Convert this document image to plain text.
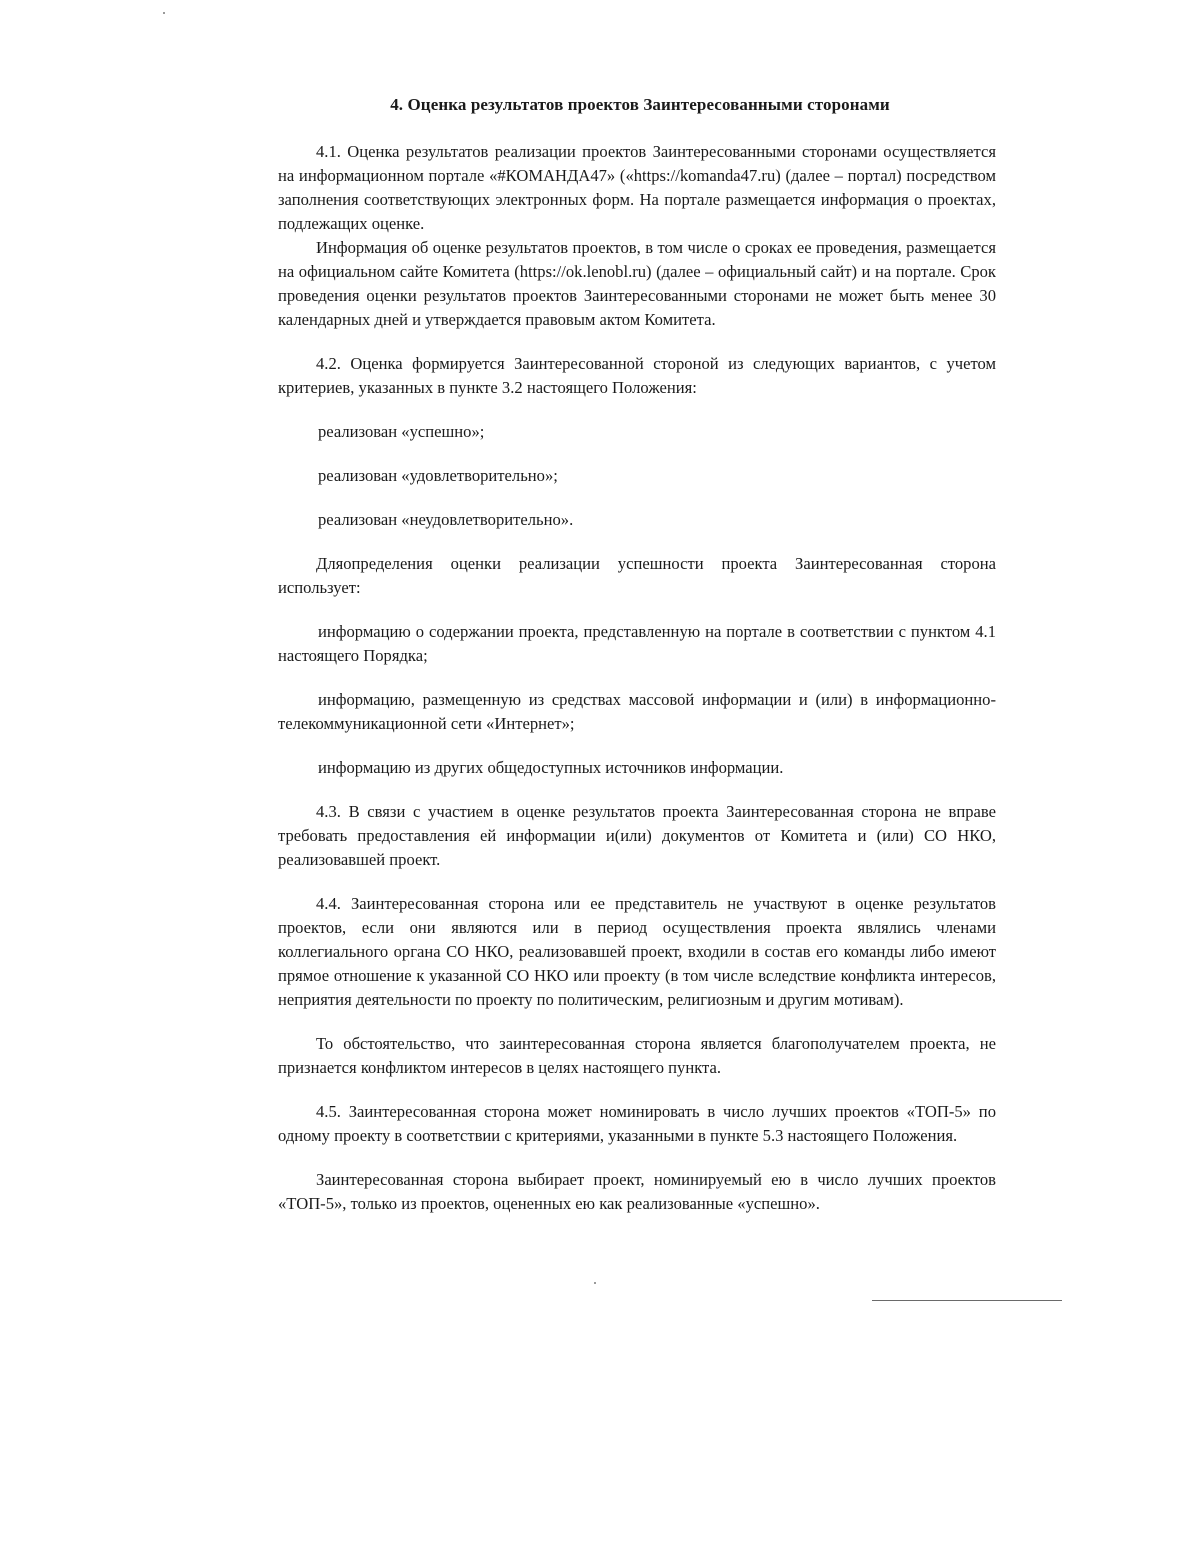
4. Оценка результатов проектов Заинтересованными сторонами

4.1. Оценка результатов реализации проектов Заинтересованными сторонами осуществляется на информационном портале «#КОМАНДА47» («https://komanda47.ru) (далее – портал) посредством заполнения соответствующих электронных форм. На портале размещается информация о проектах, подлежащих оценке.

Информация об оценке результатов проектов, в том числе о сроках ее проведения, размещается на официальном сайте Комитета (https://ok.lenobl.ru) (далее – официальный сайт) и на портале. Срок проведения оценки результатов проектов Заинтересованными сторонами не может быть менее 30 календарных дней и утверждается правовым актом Комитета.

4.2. Оценка формируется Заинтересованной стороной из следующих вариантов, с учетом критериев, указанных в пункте 3.2 настоящего Положения:

реализован «успешно»;

реализован «удовлетворительно»;

реализован «неудовлетворительно».

Дляопределения оценки реализации успешности проекта Заинтересованная сторона использует:

информацию о содержании проекта, представленную на портале в соответствии с пунктом 4.1 настоящего Порядка;

информацию, размещенную из средствах массовой информации и (или) в информационно-телекоммуникационной сети «Интернет»;

информацию из других общедоступных источников информации.

4.3. В связи с участием в оценке результатов проекта Заинтересованная сторона не вправе требовать предоставления ей информации и(или) документов от Комитета и (или) СО НКО, реализовавшей проект.

4.4. Заинтересованная сторона или ее представитель не участвуют в оценке результатов проектов, если они являются или в период осуществления проекта являлись членами коллегиального органа СО НКО, реализовавшей проект, входили в состав его команды либо имеют прямое отношение к указанной СО НКО или проекту (в том числе вследствие конфликта интересов, неприятия деятельности по проекту по политическим, религиозным и другим мотивам).

То обстоятельство, что заинтересованная сторона является благополучателем проекта, не признается конфликтом интересов в целях настоящего пункта.

4.5. Заинтересованная сторона может номинировать в число лучших проектов «ТОП-5» по одному проекту в соответствии с критериями, указанными в пункте 5.3 настоящего Положения.

Заинтересованная сторона выбирает проект, номинируемый ею в число лучших проектов «ТОП-5», только из проектов, оцененных ею как реализованные «успешно».
